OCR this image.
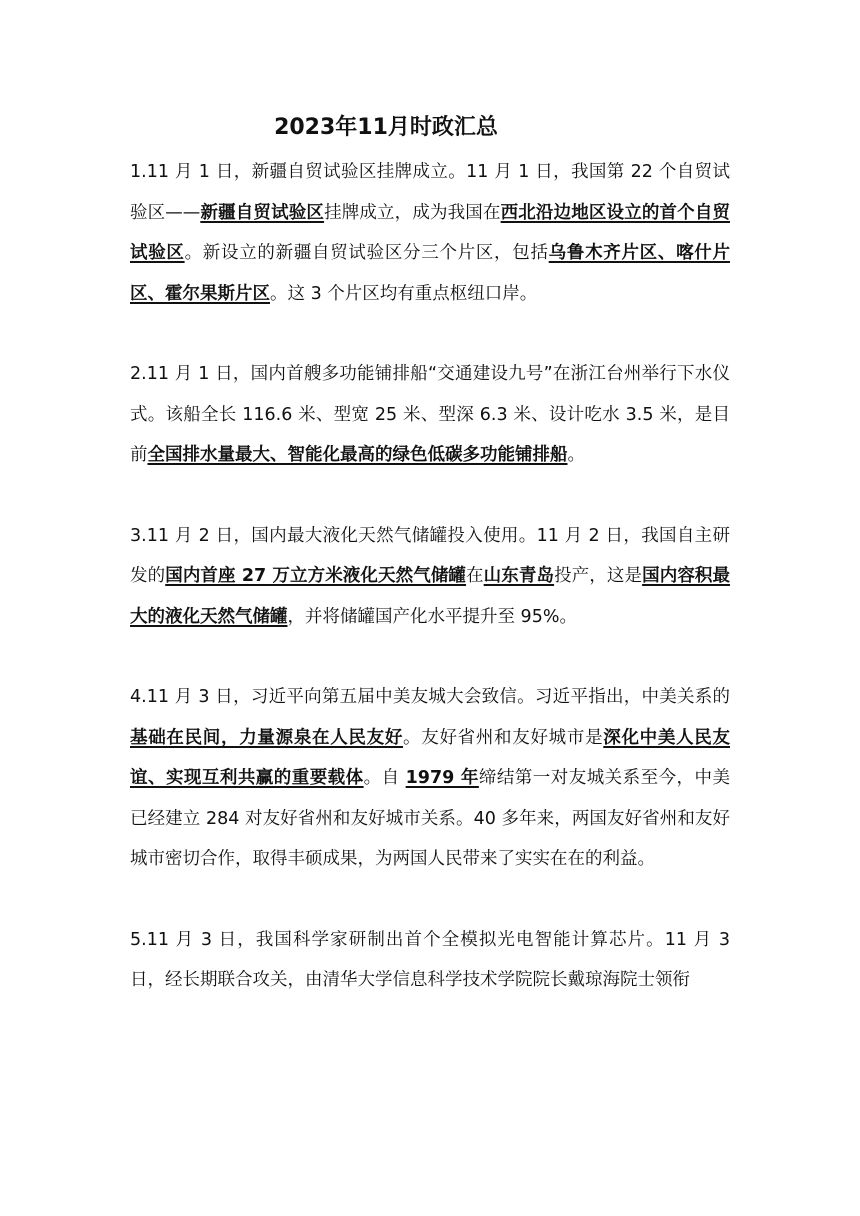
2023年11月时政汇总

1.11 月 1 日，新疆自贸试验区挂牌成立。11 月 1 日，我国第 22 个自贸试验区——新疆自贸试验区挂牌成立，成为我国在西北沿边地区设立的首个自贸试验区。新设立的新疆自贸试验区分三个片区，包括乌鲁木齐片区、喀什片区、霍尔果斯片区。这 3 个片区均有重点枢纽口岸。

2.11 月 1 日，国内首艘多功能铺排船“交通建设九号”在浙江台州举行下水仪式。该船全长 116.6 米、型宽 25 米、型深 6.3 米、设计吃水 3.5 米，是目前全国排水量最大、智能化最高的绿色低碳多功能铺排船。

3.11 月 2 日，国内最大液化天然气储罐投入使用。11 月 2 日，我国自主研发的国内首座 27 万立方米液化天然气储罐在山东青岛投产，这是国内容积最大的液化天然气储罐，并将储罐国产化水平提升至 95%。

4.11 月 3 日，习近平向第五届中美友城大会致信。习近平指出，中美关系的基础在民间，力量源泉在人民友好。友好省州和友好城市是深化中美人民友谊、实现互利共赢的重要载体。自 1979 年缔结第一对友城关系至今，中美已经建立 284 对友好省州和友好城市关系。40 多年来，两国友好省州和友好城市密切合作，取得丰硕成果，为两国人民带来了实实在在的利益。

5.11 月 3 日，我国科学家研制出首个全模拟光电智能计算芯片。11 月 3 日，经长期联合攻关，由清华大学信息科学技术学院院长戴琼海院士领衔
